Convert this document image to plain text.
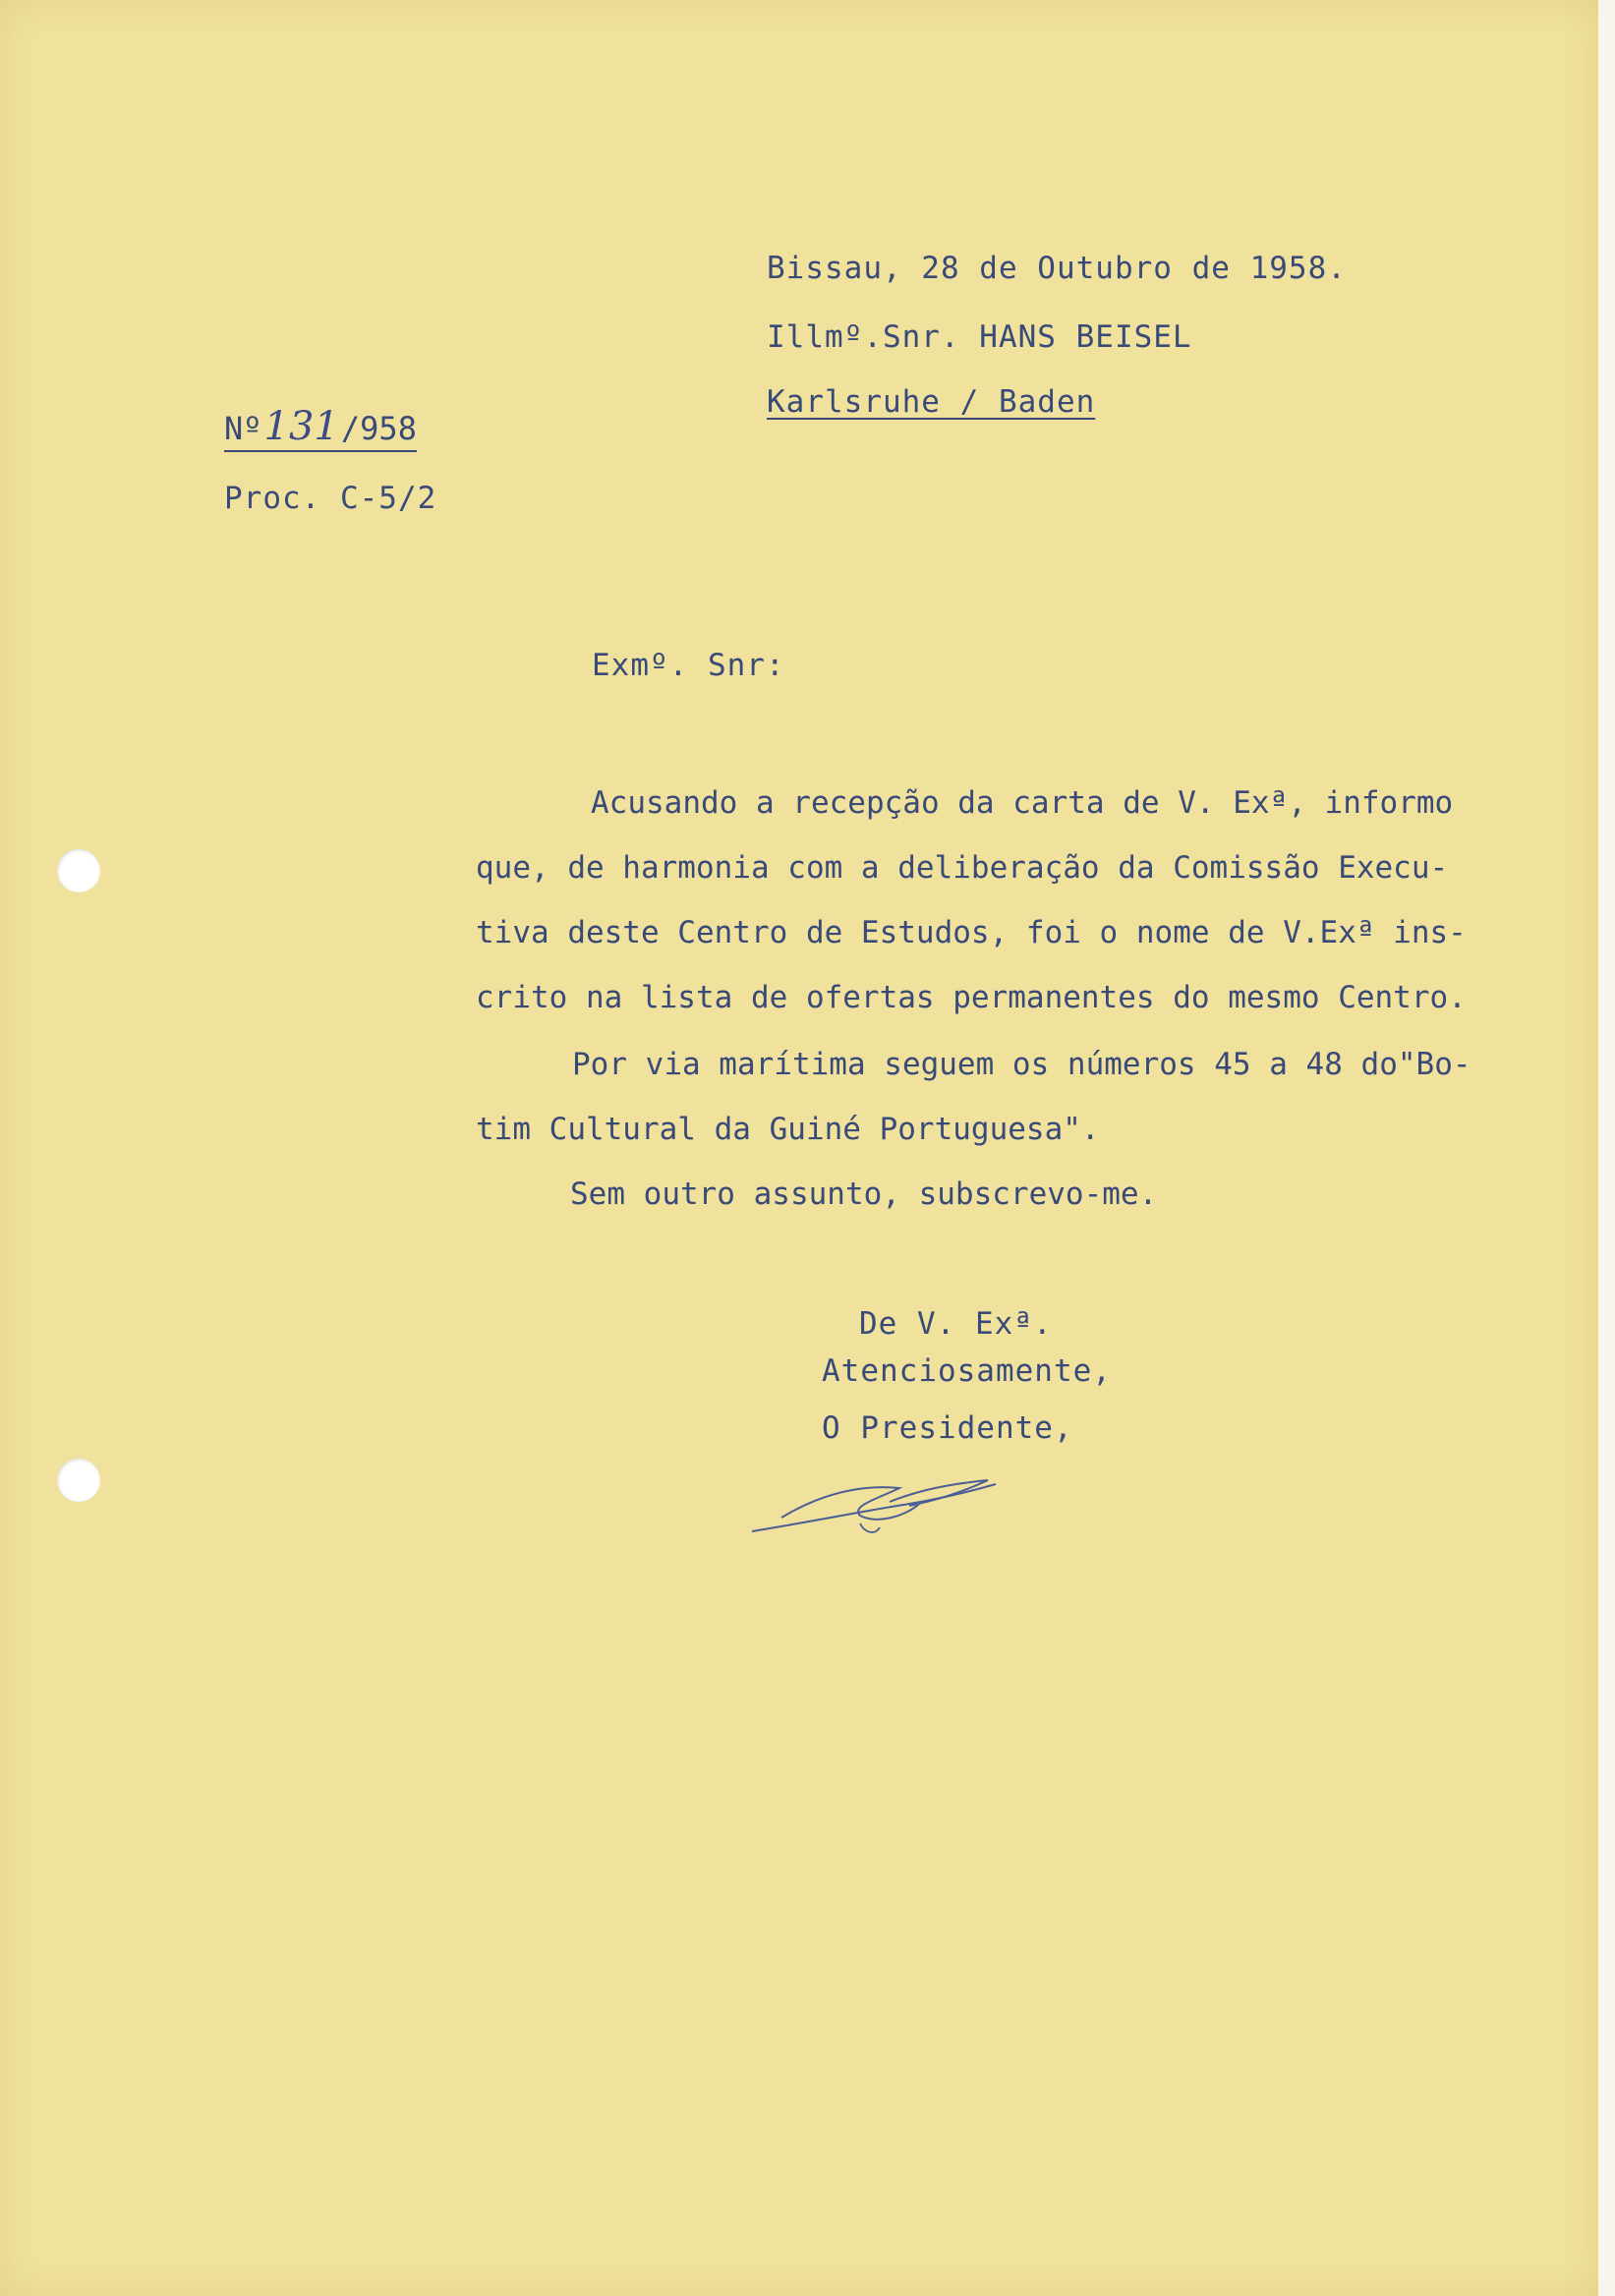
Bissau, 28 de Outubro de 1958.
Illmº.Snr. HANS BEISEL
Karlsruhe / Baden
Nº131/958
Proc. C-5/2
Exmº. Snr:
Acusando a recepção da carta de V. Exª, informo
que, de harmonia com a deliberação da Comissão Execu-
tiva deste Centro de Estudos, foi o nome de V.Exª ins-
crito na lista de ofertas permanentes do mesmo Centro.
Por via marítima seguem os números 45 a 48 do"Bo-
tim Cultural da Guiné Portuguesa".
Sem outro assunto, subscrevo-me.
De V. Exª.
Atenciosamente,
O Presidente,
